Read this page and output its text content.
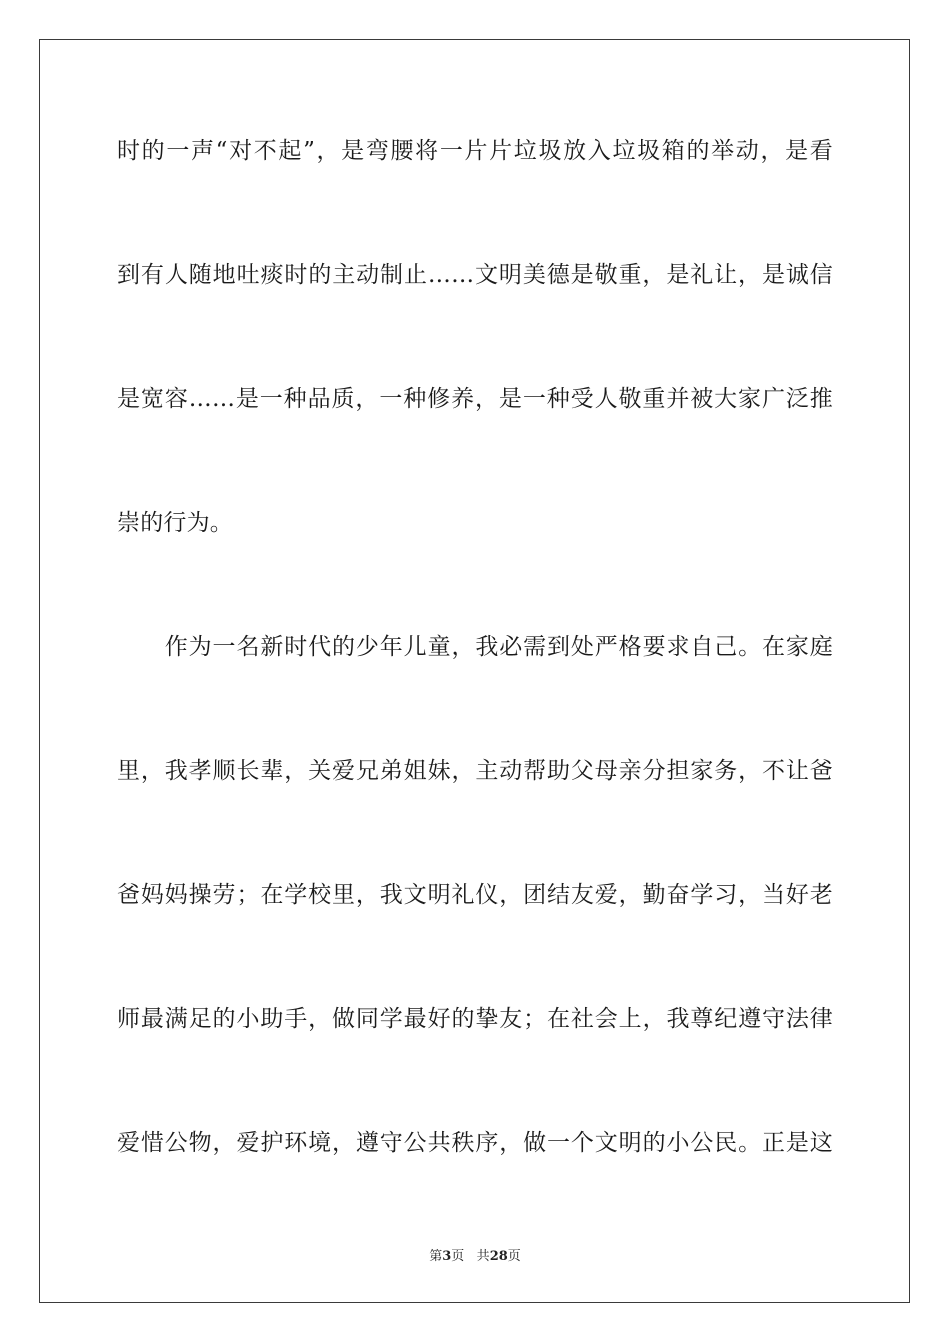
时的一声“对不起”，是弯腰将一片片垃圾放入垃圾箱的举动，是看
到有人随地吐痰时的主动制止……文明美德是敬重，是礼让，是诚信
是宽容……是一种品质，一种修养，是一种受人敬重并被大家广泛推
崇的行为。
　　作为一名新时代的少年儿童，我必需到处严格要求自己。在家庭
里，我孝顺长辈，关爱兄弟姐妹，主动帮助父母亲分担家务，不让爸
爸妈妈操劳；在学校里，我文明礼仪，团结友爱，勤奋学习，当好老
师最满足的小助手，做同学最好的挚友；在社会上，我尊纪遵守法律
爱惜公物，爱护环境，遵守公共秩序，做一个文明的小公民。正是这
第3页 共28页
